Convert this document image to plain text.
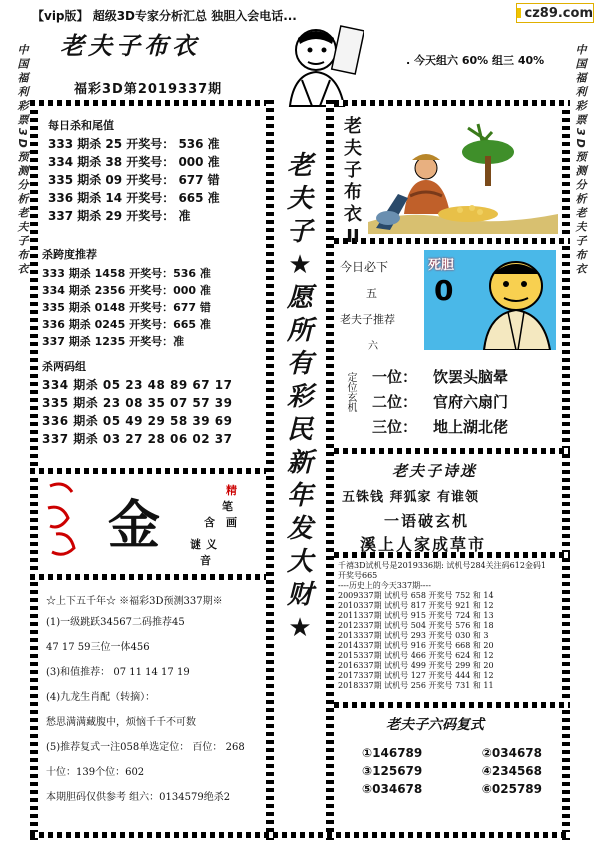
【vip版】 超级3D专家分析汇总 独胆入会电话...	cz89.com
老夫子布衣
福彩3D第2019337期
. 今天组六 60% 组三 40%
中国福利彩票3D预测分析老夫子布衣	中国福利彩票3D预测分析老夫子布衣
老
夫
子
★
愿
所
有
彩
民
新
年
发
大
财
★
每日杀和尾值
333 期杀 25 开奖号： 536 准
334 期杀 38 开奖号： 000 准
335 期杀 09 开奖号： 677 错
336 期杀 14 开奖号： 665 准
337 期杀 29 开奖号： 准
杀跨度推荐
333 期杀 1458 开奖号：536 准
334 期杀 2356 开奖号：000 准
335 期杀 0148 开奖号：677 错
336 期杀 0245 开奖号：665 准
337 期杀 1235 开奖号：准
杀两码组
334 期杀 05 23 48 89 67 17
335 期杀 23 08 35 07 57 39
336 期杀 05 49 29 58 39 69
337 期杀 03 27 28 06 02 37
金
精
笔
画
含
谜 义
音
☆上下五千年☆ ※福彩3D预测337期※
(1)一级跳跃34567二码推荐45
47 17 59三位一体456
(3)和值推荐： 07 11 14 17 19
(4)九龙生肖配（转摘）：
愁思满满藏腹中，烦恼千千不可数
(5)推荐复式一注058单选定位： 百位： 268
十位：139个位：602
本期胆码仅供参考 组六：0134579绝杀2
老
夫
子
布
衣
II
今日必下
五
老夫子推荐
六
死胆
0
定位玄机 一位： 饮罢头脑晕
二位： 官府六扇门
三位： 地上湖北佬
老夫子诗迷
五铢钱 拜狐家 有谁领
一语破玄机
溪上人家成草市
千禧3D试机号是2019336期: 试机号284关注码612金码1
开奖号665
----历史上的今天337期----
2009337期 试机号 658 开奖号 752 和 14
2010337期 试机号 817 开奖号 921 和 12
2011337期 试机号 915 开奖号 724 和 13
2012337期 试机号 504 开奖号 576 和 18
2013337期 试机号 293 开奖号 030 和 3
2014337期 试机号 916 开奖号 668 和 20
2015337期 试机号 466 开奖号 624 和 12
2016337期 试机号 499 开奖号 299 和 20
2017337期 试机号 127 开奖号 444 和 12
2018337期 试机号 256 开奖号 731 和 11
老夫子六码复式
①146789	②034678
③125679	④234568
⑤034678	⑥025789
